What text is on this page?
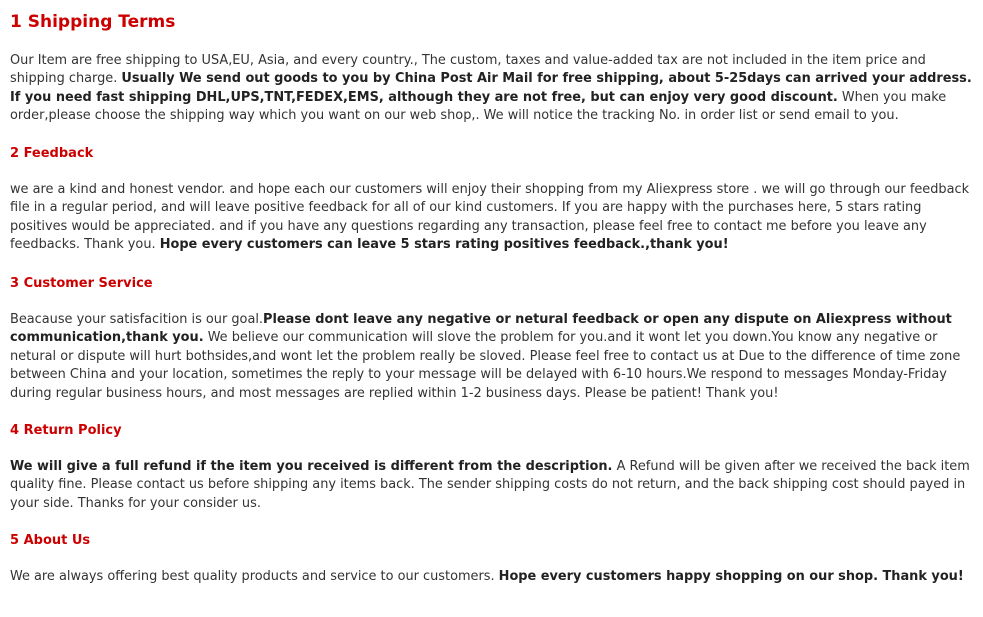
1 Shipping Terms

Our Item are free shipping to USA,EU, Asia, and every country., The custom, taxes and value-added tax are not included in the item price and shipping charge. Usually We send out goods to you by China Post Air Mail for free shipping, about 5-25days can arrived your address. If you need fast shipping DHL,UPS,TNT,FEDEX,EMS, although they are not free, but can enjoy very good discount. When you make order,please choose the shipping way which you want on our web shop,. We will notice the tracking No. in order list or send email to you.

2 Feedback

we are a kind and honest vendor. and hope each our customers will enjoy their shopping from my Aliexpress store . we will go through our feedback file in a regular period, and will leave positive feedback for all of our kind customers. If you are happy with the purchases here, 5 stars rating positives would be appreciated. and if you have any questions regarding any transaction, please feel free to contact me before you leave any feedbacks. Thank you. Hope every customers can leave 5 stars rating positives feedback.,thank you!

3 Customer Service

Beacause your satisfacition is our goal.Please dont leave any negative or netural feedback or open any dispute on Aliexpress without communication,thank you. We believe our communication will slove the problem for you.and it wont let you down.You know any negative or netural or dispute will hurt bothsides,and wont let the problem really be sloved. Please feel free to contact us at Due to the difference of time zone between China and your location, sometimes the reply to your message will be delayed with 6-10 hours.We respond to messages Monday-Friday during regular business hours, and most messages are replied within 1-2 business days. Please be patient! Thank you!

4 Return Policy

We will give a full refund if the item you received is different from the description. A Refund will be given after we received the back item quality fine. Please contact us before shipping any items back. The sender shipping costs do not return, and the back shipping cost should payed in your side. Thanks for your consider us.

5 About Us

We are always offering best quality products and service to our customers. Hope every customers happy shopping on our shop. Thank you!
